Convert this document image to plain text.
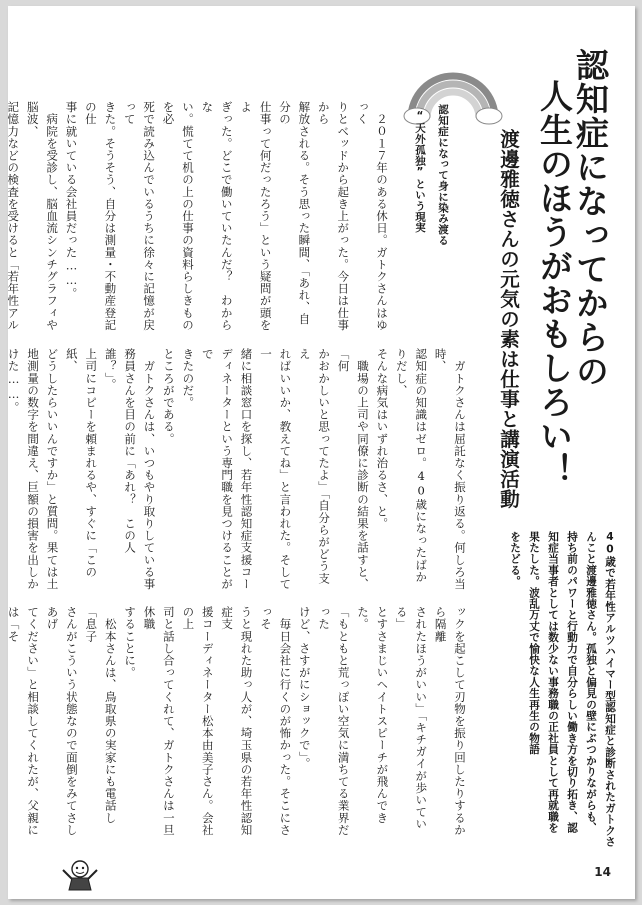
認知症になってからの
人生のほうがおもしろい！
渡邊雅徳さんの元気の素は仕事と講演活動
40歳で若年性アルツハイマー型認知症と診断されたガトクさ
んこと渡邊雅徳さん。孤独と偏見の壁にぶつかりながらも、
持ち前のパワーと行動力で自分らしい働き方を切り拓き、認
知症当事者としては数少ない事務職の正社員として再就職を
果たした。波乱万丈で愉快な人生再生の物語
をたどる。
認知症になって身に染み渡る
“天外孤独”という現実

　２０１７年のある休日。ガトクさんはゆっく

りとベッドから起き上がった。今日は仕事から

解放される。そう思った瞬間、「あれ、自分の

仕事って何だったろう」という疑問が頭をよ

ぎった。どこで働いていたんだ？　わからな

い。慌てて机の上の仕事の資料らしきものを必

死で読み込んでいるうちに徐々に記憶が戻って

きた。そうそう、自分は測量・不動産登記の仕

事に就いている会社員だった……。

　病院を受診し、脳血流シンチグラフィや脳波、

記憶力などの検査を受けると「若年性アル

　ガトクさんは屈託なく振り返る。何しろ当時、

認知症の知識はゼロ。40歳になったばかりだし、

そんな病気はいずれ治るさ、と。

　職場の上司や同僚に診断の結果を話すと、「何

かおかしいと思ってたよ」「自分らがどう支え

ればいいか、教えてね」と言われた。そして一

緒に相談窓口を探し、若年性認知症支援コー

ディネーターという専門職を見つけることがで

きたのだ。

ところがである。

　ガトクさんは、いつもやり取りしている事

務員さんを目の前に「あれ？　この人誰？」。

上司にコピーを頼まれるや、すぐに「この紙、

どうしたらいいんですか」と質問。果ては土

地測量の数字を間違え、巨額の損害を出しか

けた……。

ックを起こして刃物を振り回したりするから隔離

されたほうがいい」「キチガイが歩いている」

とすさまじいヘイトスピーチが飛んできた。

「もともと荒っぽい空気に満ちてる業界だった

けど、さすがにショックで」。

　毎日会社に行くのが怖かった。そこにさっそ

うと現れた助っ人が、埼玉県の若年性認知症支

援コーディネーター松本由美子さん。会社の上

司と話し合ってくれて、ガトクさんは一旦休職

することに。

　松本さんは、鳥取県の実家にも電話し「息子

さんがこういう状態なので面倒をみてさしあげ

てください」と相談してくれたが、父親には「そ

14
